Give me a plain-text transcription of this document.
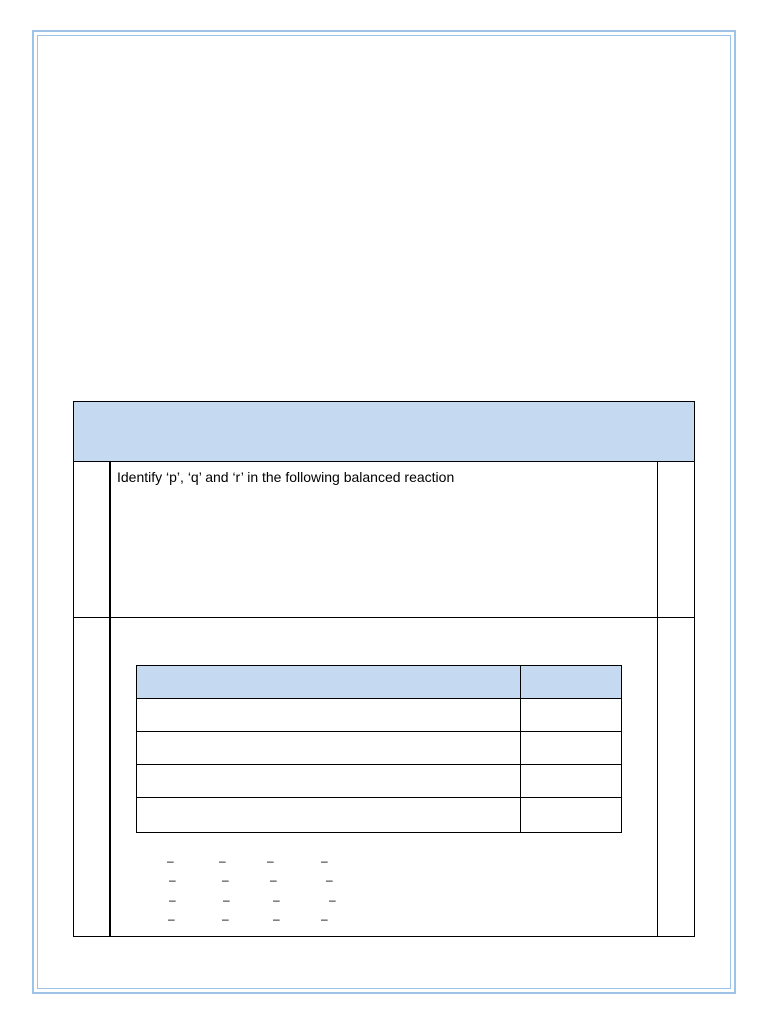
Identify ‘p’, ‘q’ and ‘r’ in the following balanced reaction
–	–	–	–
–	–	–	–
–	–	–	–
–	–	–	–
